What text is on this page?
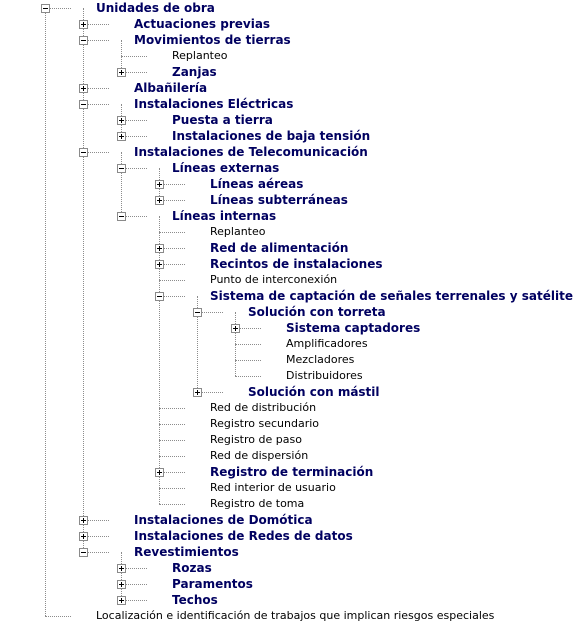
Unidades de obra
Actuaciones previas
Movimientos de tierras
Replanteo
Zanjas
Albañilería
Instalaciones Eléctricas
Puesta a tierra
Instalaciones de baja tensión
Instalaciones de Telecomunicación
Líneas externas
Líneas aéreas
Líneas subterráneas
Líneas internas
Replanteo
Red de alimentación
Recintos de instalaciones
Punto de interconexión
Sistema de captación de señales terrenales y satélite
Solución con torreta
Sistema captadores
Amplificadores
Mezcladores
Distribuidores
Solución con mástil
Red de distribución
Registro secundario
Registro de paso
Red de dispersión
Registro de terminación
Red interior de usuario
Registro de toma
Instalaciones de Domótica
Instalaciones de Redes de datos
Revestimientos
Rozas
Paramentos
Techos
Localización e identificación de trabajos que implican riesgos especiales
